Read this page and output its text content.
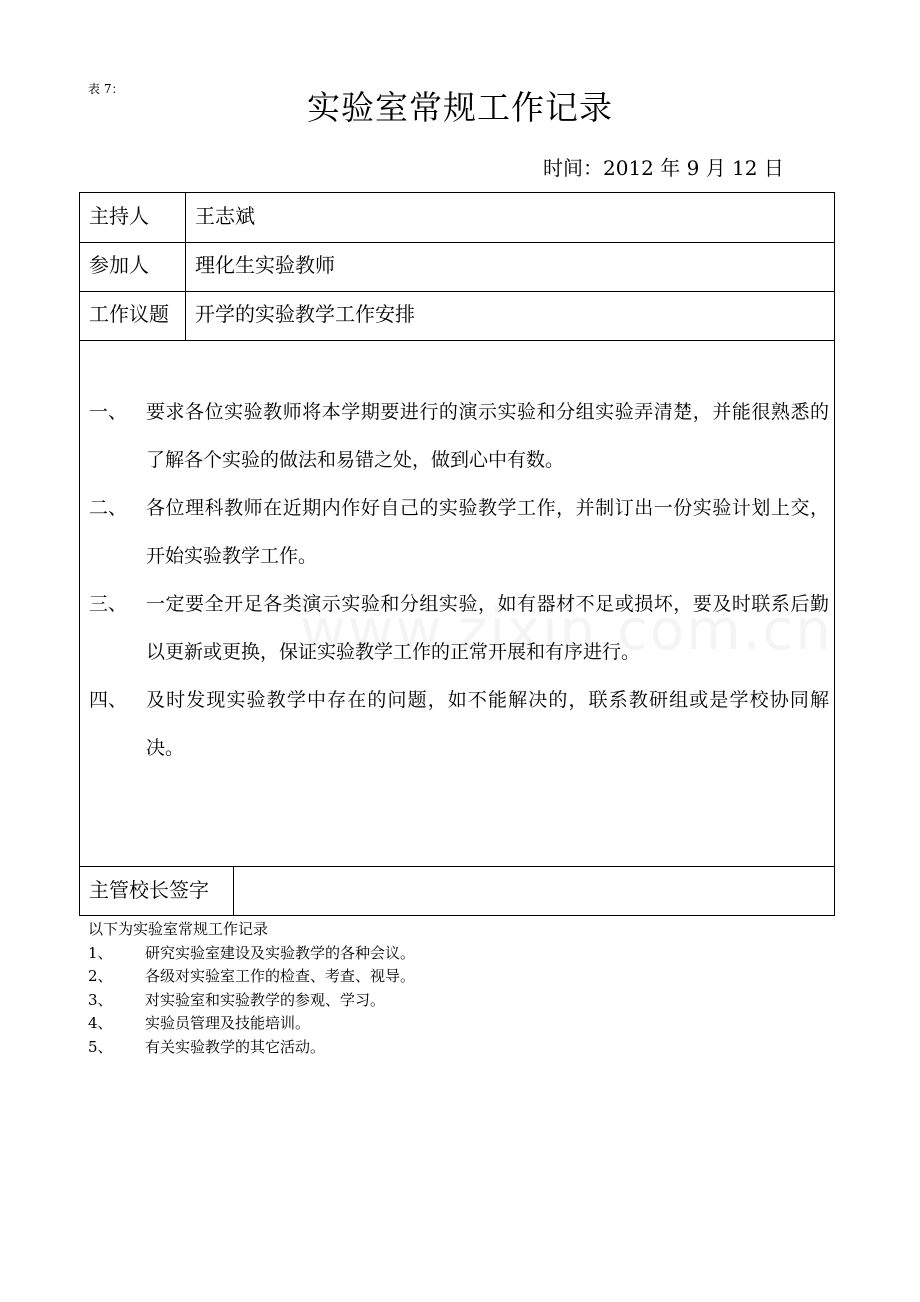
表 7：	实验室常规工作记录
时间：2012 年 9 月 12 日
主持人 王志斌
参加人 理化生实验教师
工作议题 开学的实验教学工作安排
一、 要求各位实验教师将本学期要进行的演示实验和分组实验弄清楚，并能很熟悉的了解各个实验的做法和易错之处，做到心中有数。
二、 各位理科教师在近期内作好自己的实验教学工作，并制订出一份实验计划上交，开始实验教学工作。
三、 一定要全开足各类演示实验和分组实验，如有器材不足或损坏，要及时联系后勤以更新或更换，保证实验教学工作的正常开展和有序进行。
四、 及时发现实验教学中存在的问题，如不能解决的，联系教研组或是学校协同解决。
主管校长签字
以下为实验室常规工作记录
1、 研究实验室建设及实验教学的各种会议。
2、 各级对实验室工作的检查、考查、视导。
3、 对实验室和实验教学的参观、学习。
4、 实验员管理及技能培训。
5、 有关实验教学的其它活动。
